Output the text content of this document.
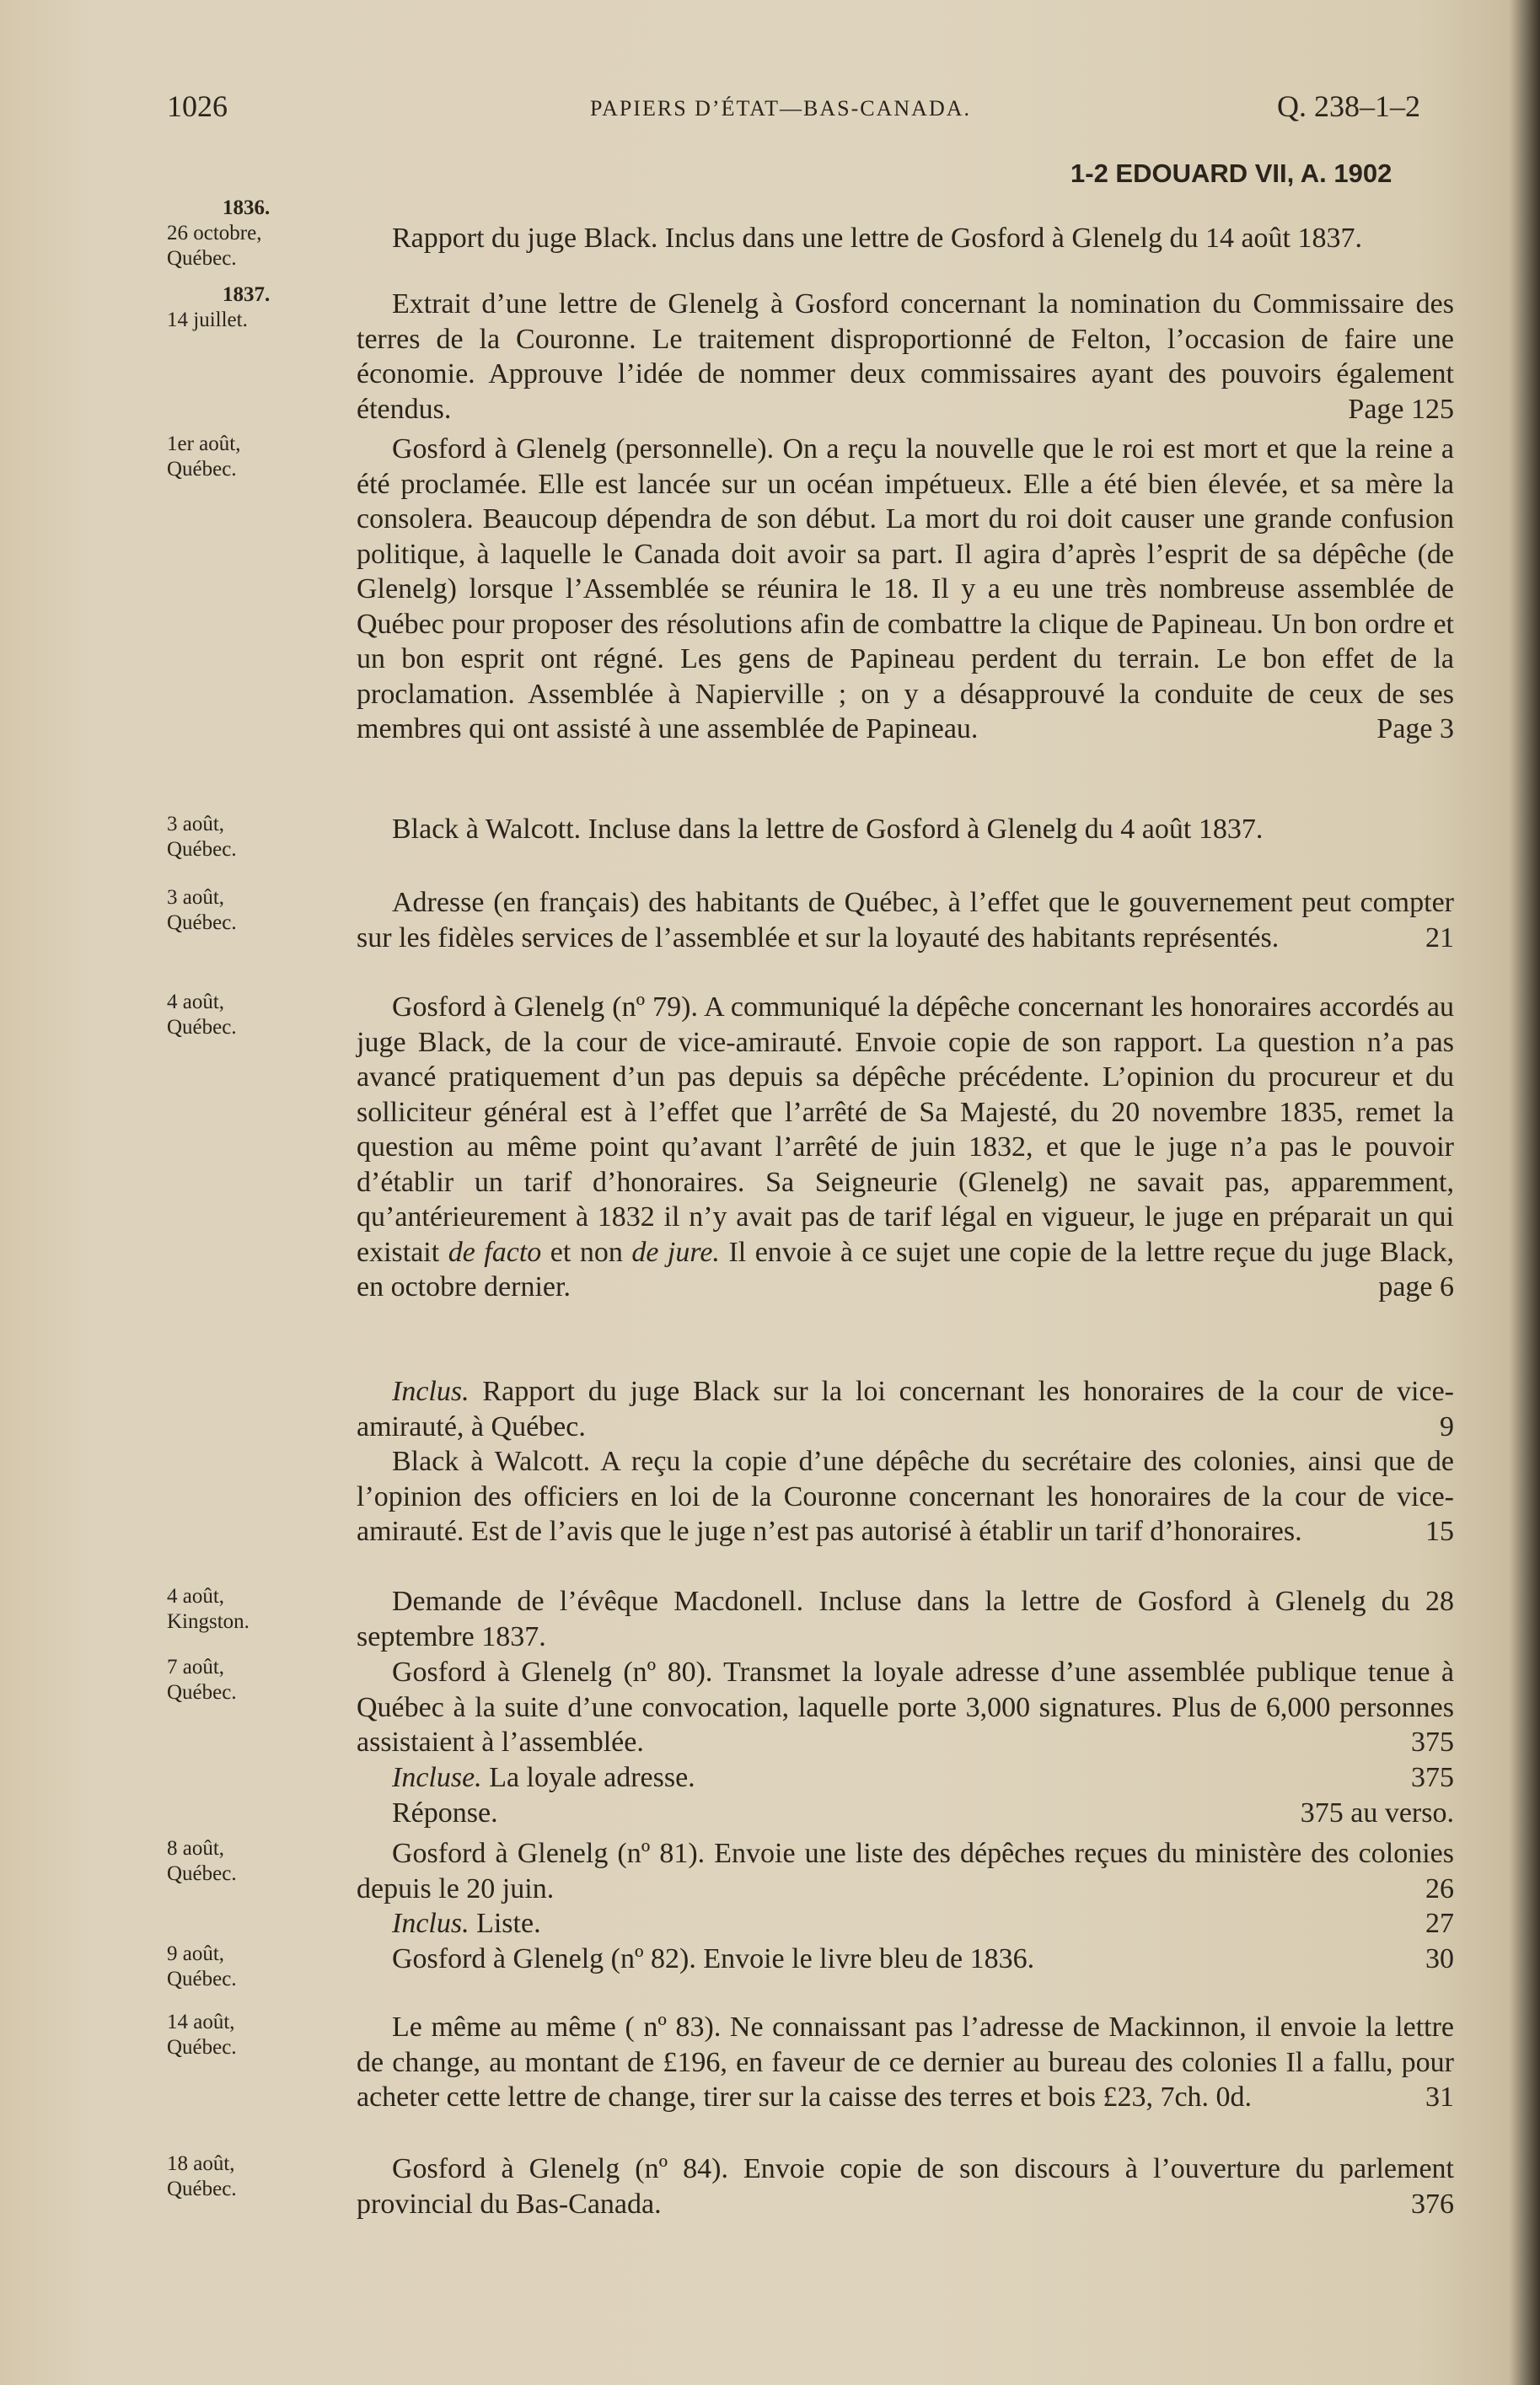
1026	PAPIERS D’ÉTAT—BAS-CANADA.	Q. 238–1–2
1-2 EDOUARD VII, A. 1902
1836.
26 octobre,
Québec.

Rapport du juge Black. Inclus dans une lettre de Gosford à Glenelg du 14 août 1837.

1837.
14 juillet.

Extrait d’une lettre de Glenelg à Gosford concernant la nomination du Commissaire des terres de la Couronne. Le traitement disproportionné de Felton, l’occasion de faire une économie. Approuve l’idée de nommer deux commissaires ayant des pouvoirs également étendus.	Page 125

1er août,
Québec.

Gosford à Glenelg (personnelle). On a reçu la nouvelle que le roi est mort et que la reine a été proclamée. Elle est lancée sur un océan impétueux. Elle a été bien élevée, et sa mère la consolera. Beaucoup dépendra de son début. La mort du roi doit causer une grande confusion politique, à laquelle le Canada doit avoir sa part. Il agira d’après l’esprit de sa dépêche (de Glenelg) lorsque l’Assemblée se réunira le 18. Il y a eu une très nombreuse assemblée de Québec pour proposer des résolutions afin de combattre la clique de Papineau. Un bon ordre et un bon esprit ont régné. Les gens de Papineau perdent du terrain. Le bon effet de la proclamation. Assemblée à Napierville ; on y a désapprouvé la conduite de ceux de ses membres qui ont assisté à une assemblée de Papineau.	Page 3

3 août,
Québec.

Black à Walcott. Incluse dans la lettre de Gosford à Glenelg du 4 août 1837.

3 août,
Québec.

Adresse (en français) des habitants de Québec, à l’effet que le gouvernement peut compter sur les fidèles services de l’assemblée et sur la loyauté des habitants représentés.	21

4 août,
Québec.

Gosford à Glenelg (nº 79). A communiqué la dépêche concernant les honoraires accordés au juge Black, de la cour de vice-amirauté. Envoie copie de son rapport. La question n’a pas avancé pratiquement d’un pas depuis sa dépêche précédente. L’opinion du procureur et du solliciteur général est à l’effet que l’arrêté de Sa Majesté, du 20 novembre 1835, remet la question au même point qu’avant l’arrêté de juin 1832, et que le juge n’a pas le pouvoir d’établir un tarif d’honoraires. Sa Seigneurie (Glenelg) ne savait pas, apparemment, qu’antérieurement à 1832 il n’y avait pas de tarif légal en vigueur, le juge en préparait un qui existait de facto et non de jure. Il envoie à ce sujet une copie de la lettre reçue du juge Black, en octobre dernier.	page 6

Inclus. Rapport du juge Black sur la loi concernant les honoraires de la cour de vice-amirauté, à Québec.	9

Black à Walcott. A reçu la copie d’une dépêche du secrétaire des colonies, ainsi que de l’opinion des officiers en loi de la Couronne concernant les honoraires de la cour de vice-amirauté. Est de l’avis que le juge n’est pas autorisé à établir un tarif d’honoraires.	15

4 août,
Kingston.

Demande de l’évêque Macdonell. Incluse dans la lettre de Gosford à Glenelg du 28 septembre 1837.

7 août,
Québec.

Gosford à Glenelg (nº 80). Transmet la loyale adresse d’une assemblée publique tenue à Québec à la suite d’une convocation, laquelle porte 3,000 signatures. Plus de 6,000 personnes assistaient à l’assemblée.	375

Incluse. La loyale adresse.	375

Réponse.	375 au verso.

8 août,
Québec.

Gosford à Glenelg (nº 81). Envoie une liste des dépêches reçues du ministère des colonies depuis le 20 juin.	26

Inclus. Liste.	27

9 août,
Québec.

Gosford à Glenelg (nº 82). Envoie le livre bleu de 1836.	30

14 août,
Québec.

Le même au même ( nº 83). Ne connaissant pas l’adresse de Mackinnon, il envoie la lettre de change, au montant de £196, en faveur de ce dernier au bureau des colonies Il a fallu, pour acheter cette lettre de change, tirer sur la caisse des terres et bois £23, 7ch. 0d.	31

18 août,
Québec.

Gosford à Glenelg (nº 84). Envoie copie de son discours à l’ouverture du parlement provincial du Bas-Canada.	376
